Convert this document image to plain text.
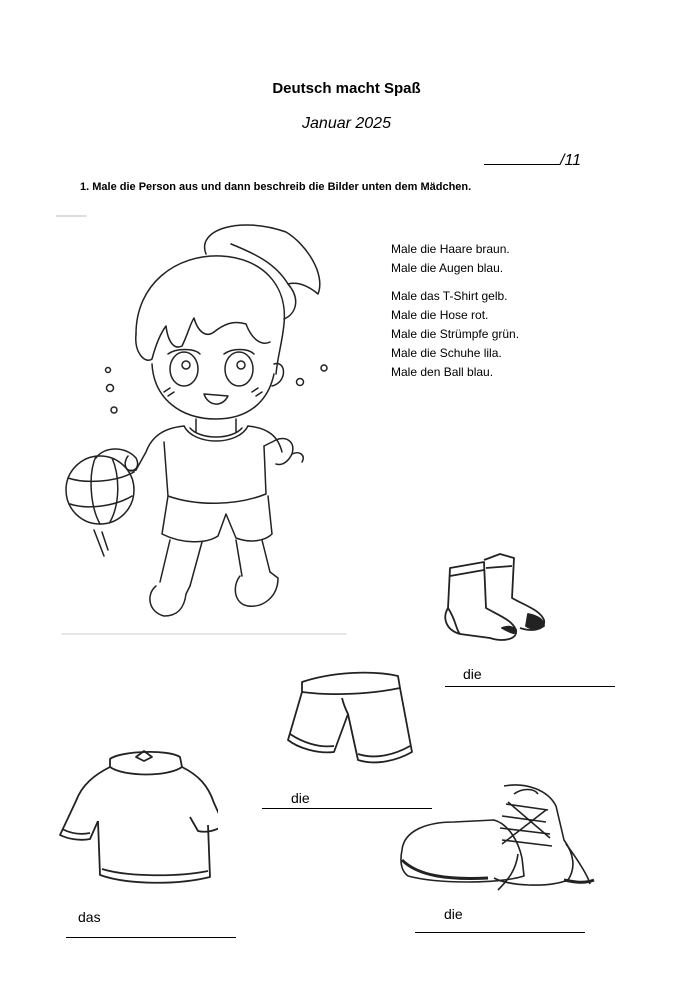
Deutsch macht Spaß
Januar 2025
/11
1. Male die Person aus und dann beschreib die Bilder unten dem Mädchen.
Male die Haare braun.
Male die Augen blau.
Male das T-Shirt gelb.
Male die Hose rot.
Male die Strümpfe grün.
Male die Schuhe lila.
Male den Ball blau.
die
die
das	die
